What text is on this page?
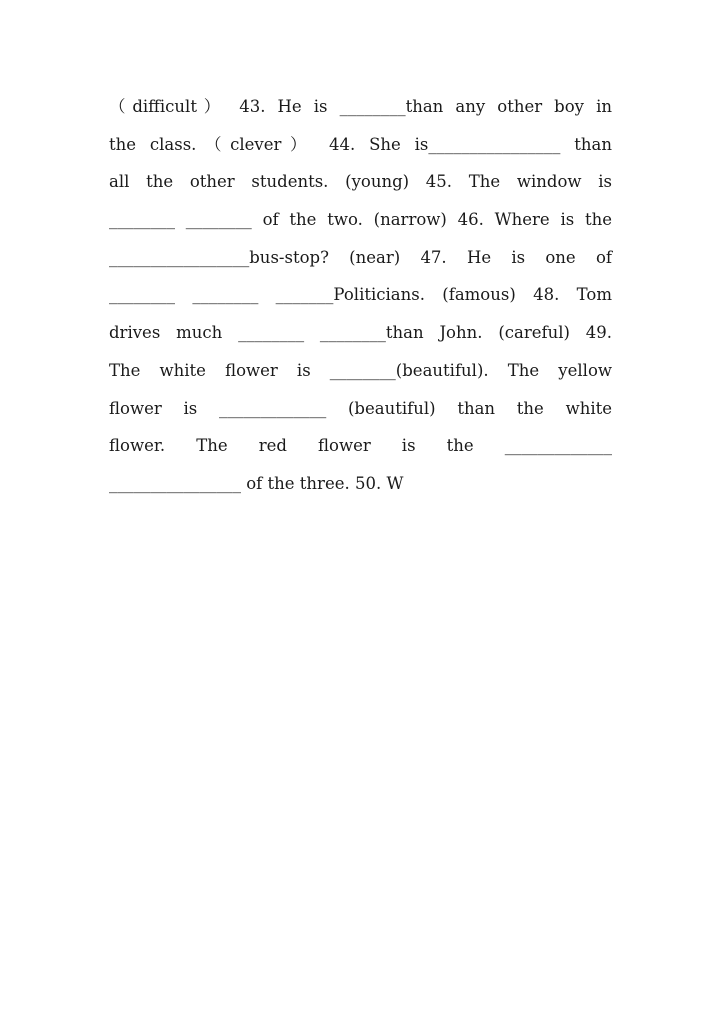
（difficult） 43. He is ________than any other boy in
the class.（clever） 44. She is________________ than
all the other students. (young) 45. The window is
________ ________ of the two. (narrow) 46. Where is the
_________________bus-stop? (near) 47. He is one of
________ ________ _______Politicians. (famous) 48. Tom
drives much ________ ________than John. (careful) 49.
The white flower is ________(beautiful). The yellow
flower is _____________ (beautiful) than the white
flower. The red flower is the _____________
________________ of the three. 50. W
